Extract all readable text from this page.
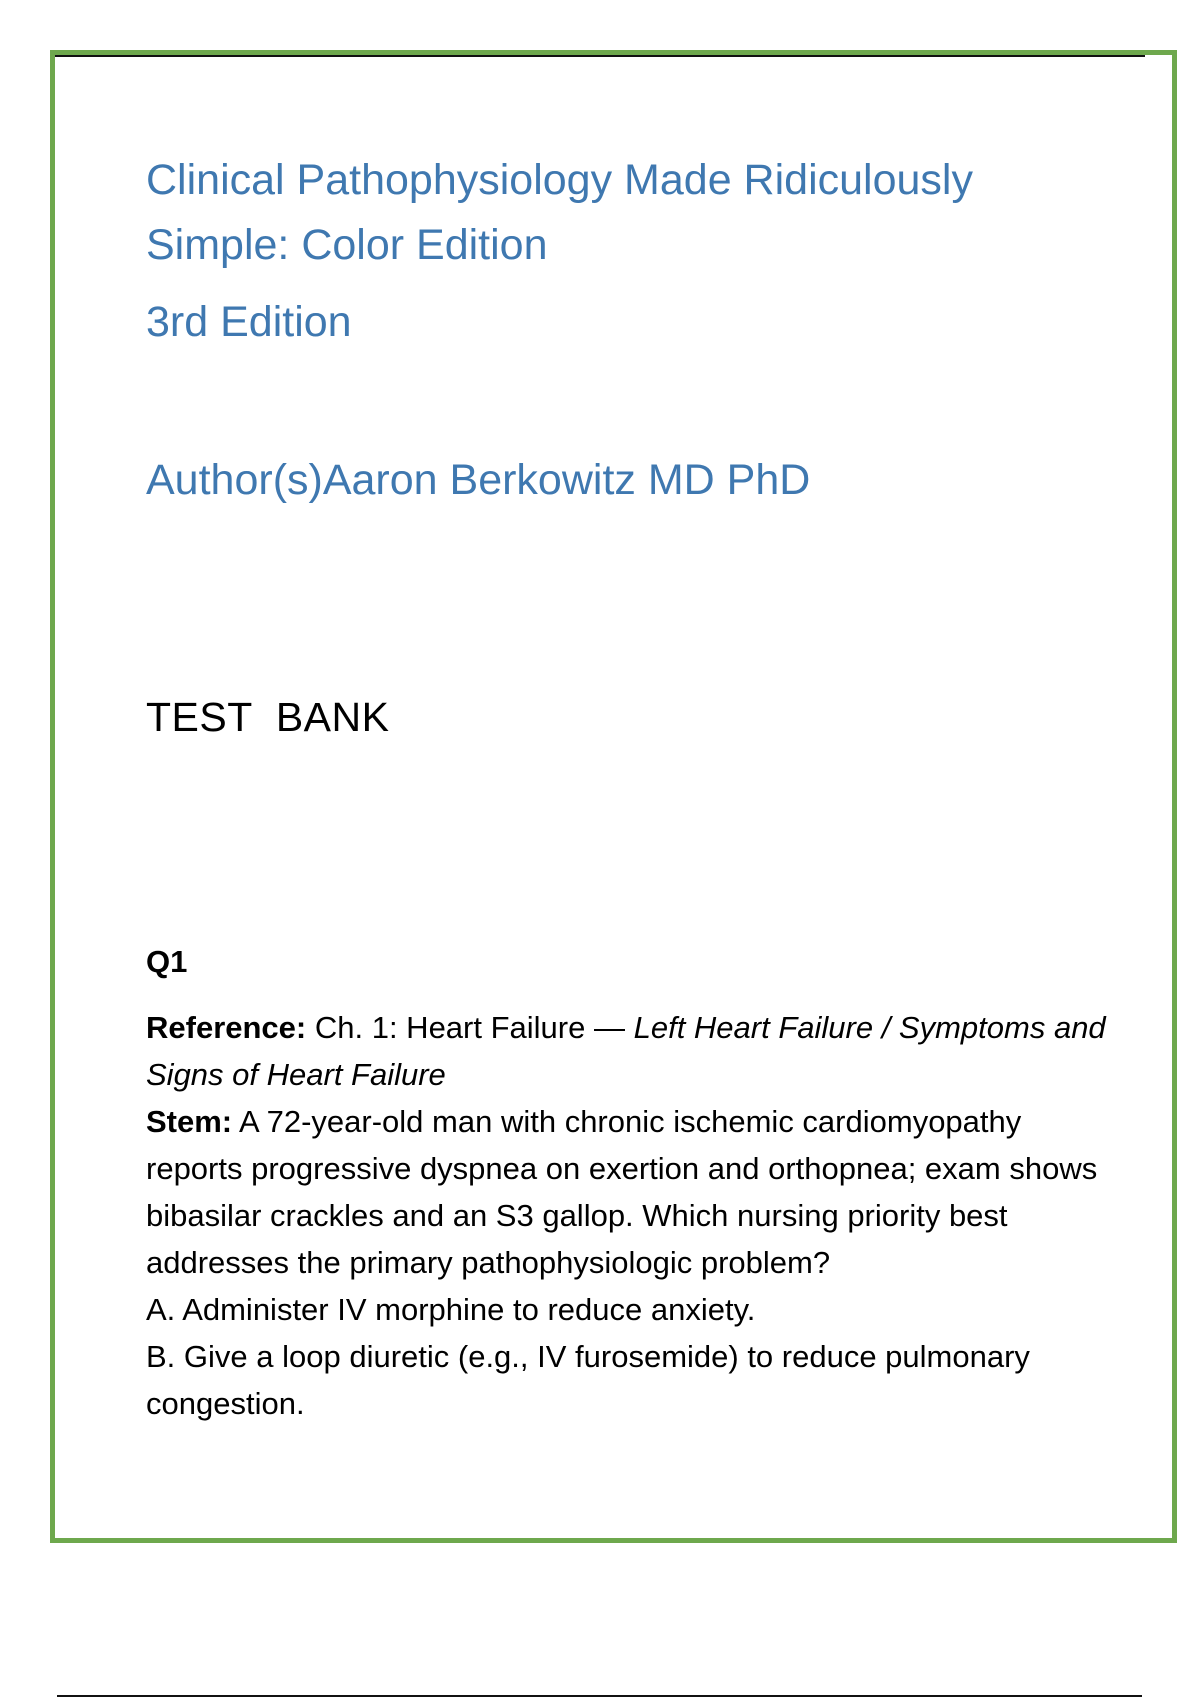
Clinical Pathophysiology Made Ridiculously Simple: Color Edition
3rd Edition
Author(s)Aaron Berkowitz MD PhD
TEST  BANK
Q1
Reference: Ch. 1: Heart Failure — Left Heart Failure / Symptoms and Signs of Heart Failure
Stem: A 72-year-old man with chronic ischemic cardiomyopathy reports progressive dyspnea on exertion and orthopnea; exam shows bibasilar crackles and an S3 gallop. Which nursing priority best addresses the primary pathophysiologic problem?
A. Administer IV morphine to reduce anxiety.
B. Give a loop diuretic (e.g., IV furosemide) to reduce pulmonary congestion.
